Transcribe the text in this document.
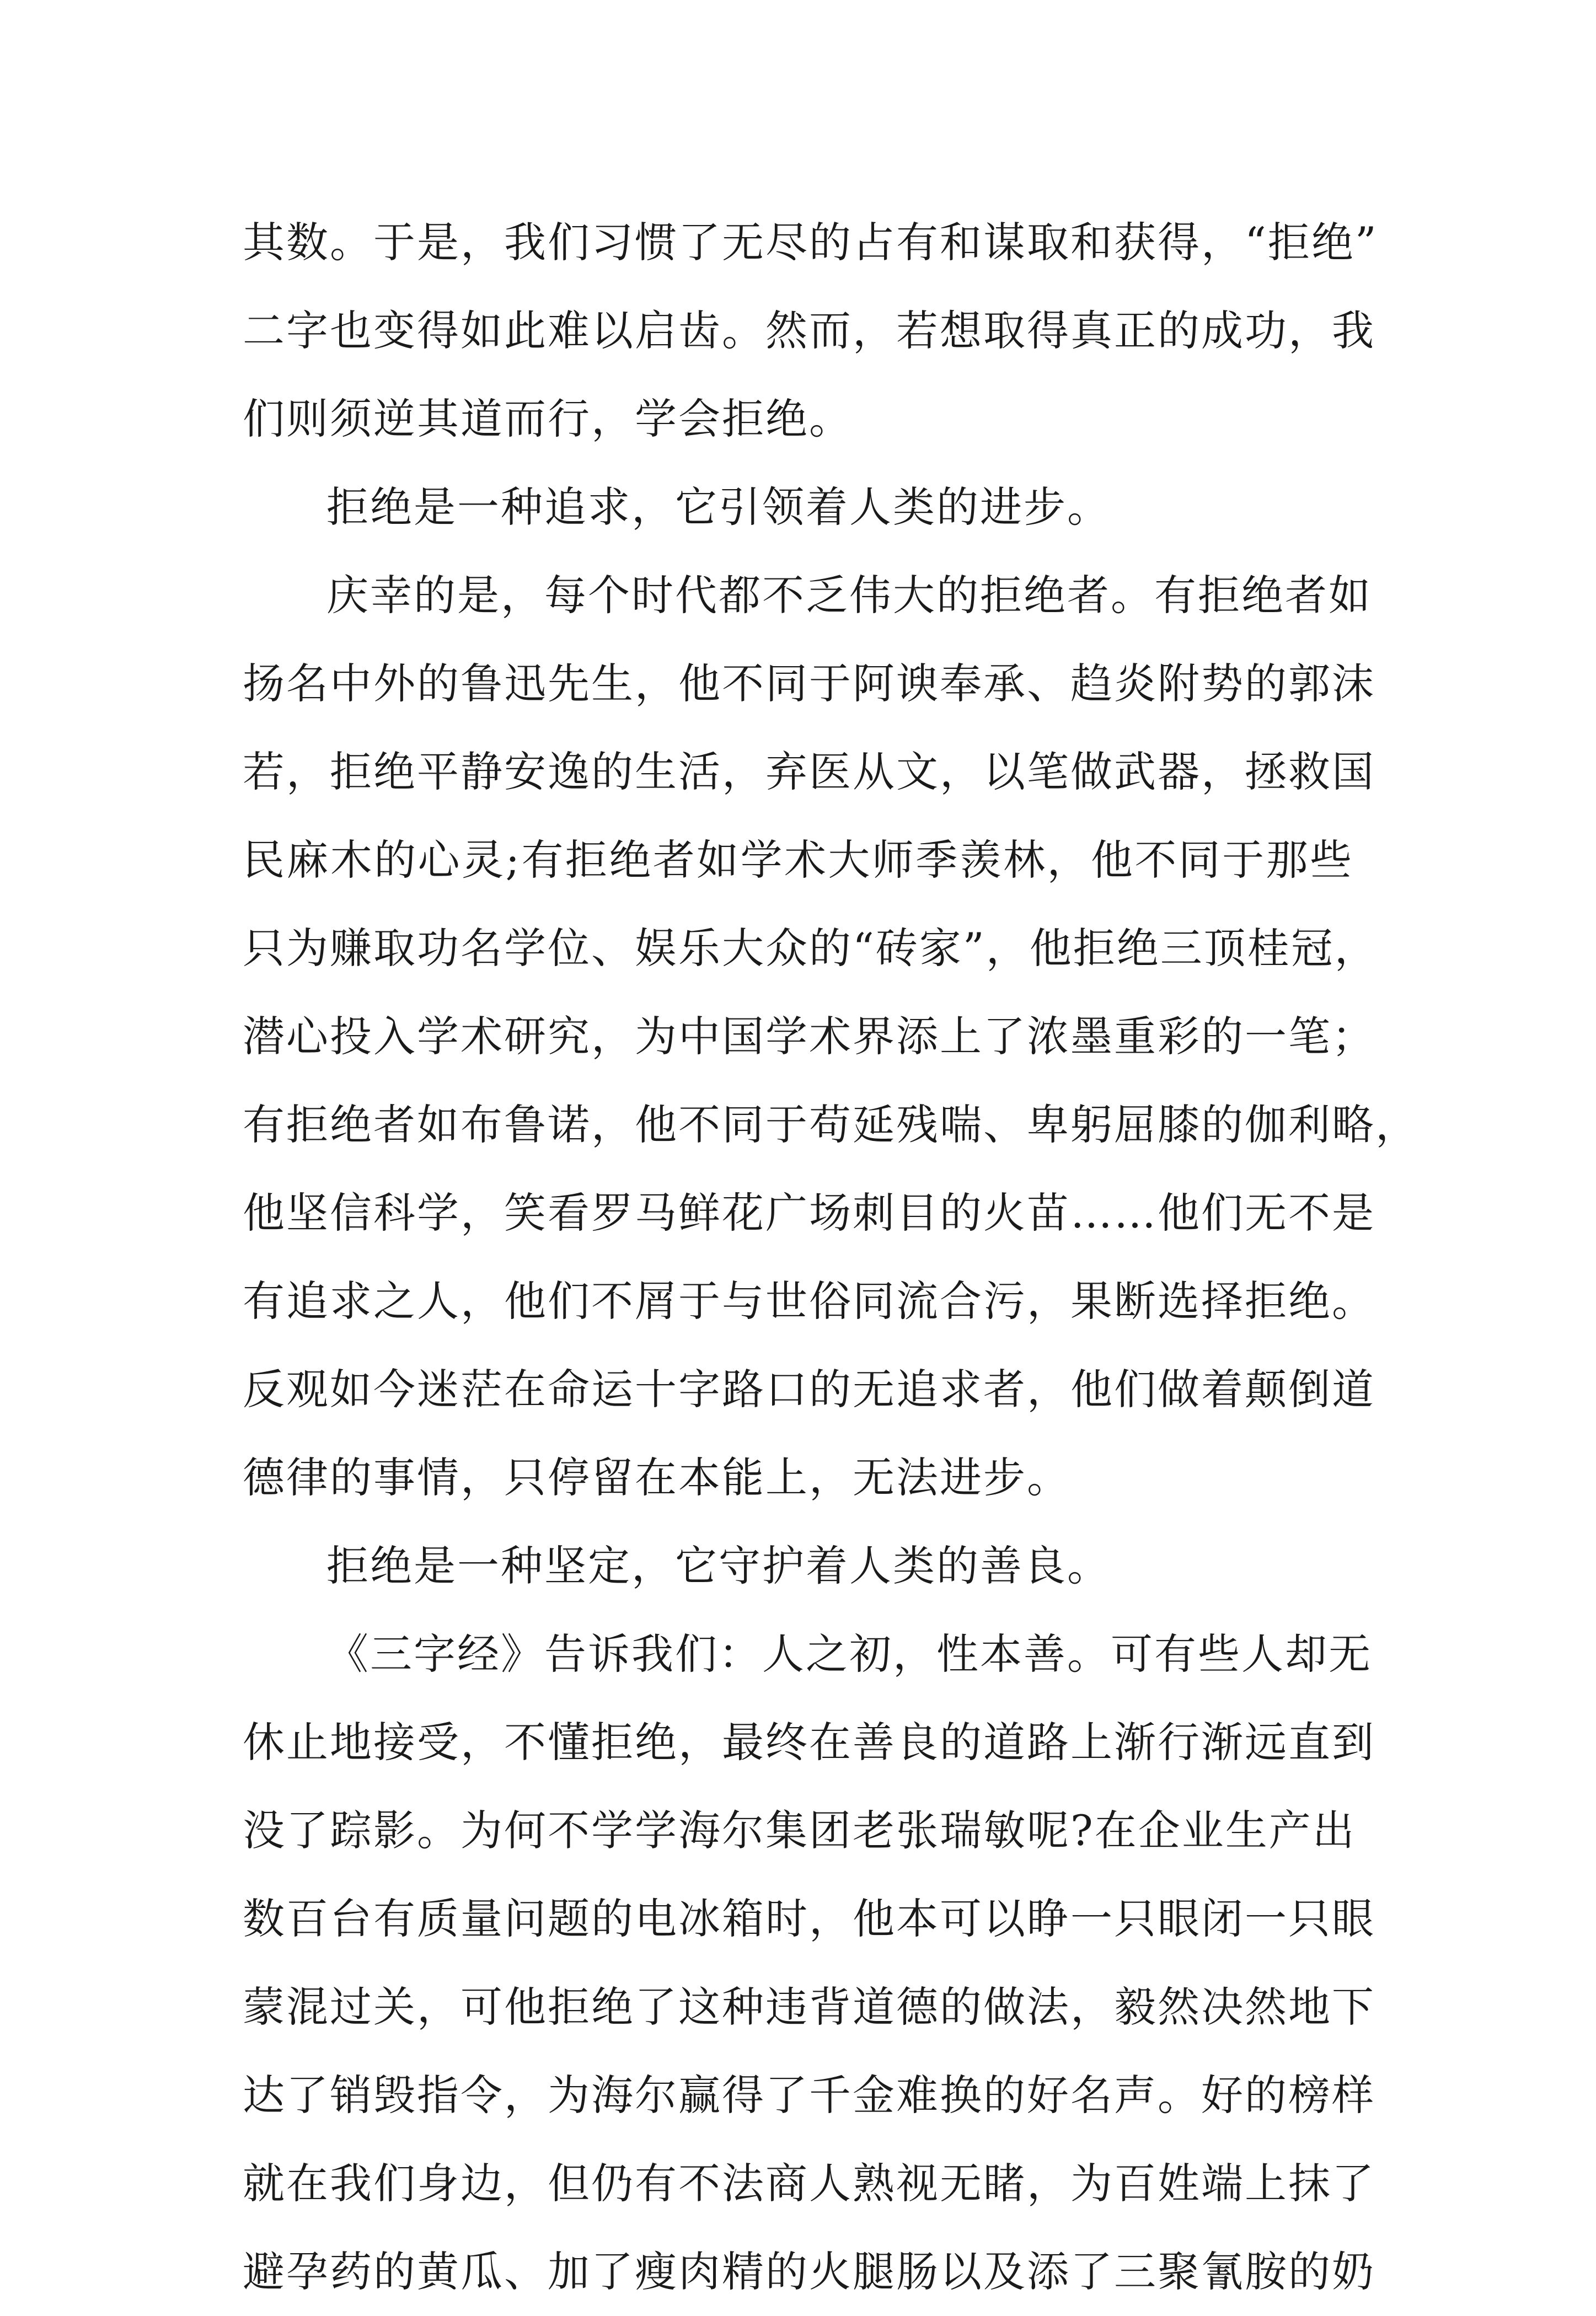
其数。于是，我们习惯了无尽的占有和谋取和获得，“拒绝”
二字也变得如此难以启齿。然而，若想取得真正的成功，我
们则须逆其道而行，学会拒绝。
拒绝是一种追求，它引领着人类的进步。
庆幸的是，每个时代都不乏伟大的拒绝者。有拒绝者如
扬名中外的鲁迅先生，他不同于阿谀奉承、趋炎附势的郭沫
若，拒绝平静安逸的生活，弃医从文，以笔做武器，拯救国
民麻木的心灵;有拒绝者如学术大师季羡林，他不同于那些
只为赚取功名学位、娱乐大众的“砖家”，他拒绝三顶桂冠，
潜心投入学术研究，为中国学术界添上了浓墨重彩的一笔；
有拒绝者如布鲁诺，他不同于苟延残喘、卑躬屈膝的伽利略，
他坚信科学，笑看罗马鲜花广场刺目的火苗……他们无不是
有追求之人，他们不屑于与世俗同流合污，果断选择拒绝。
反观如今迷茫在命运十字路口的无追求者，他们做着颠倒道
德律的事情，只停留在本能上，无法进步。
拒绝是一种坚定，它守护着人类的善良。
《三字经》告诉我们：人之初，性本善。可有些人却无
休止地接受，不懂拒绝，最终在善良的道路上渐行渐远直到
没了踪影。为何不学学海尔集团老张瑞敏呢?在企业生产出
数百台有质量问题的电冰箱时，他本可以睁一只眼闭一只眼
蒙混过关，可他拒绝了这种违背道德的做法，毅然决然地下
达了销毁指令，为海尔赢得了千金难换的好名声。好的榜样
就在我们身边，但仍有不法商人熟视无睹，为百姓端上抹了
避孕药的黄瓜、加了瘦肉精的火腿肠以及添了三聚氰胺的奶
